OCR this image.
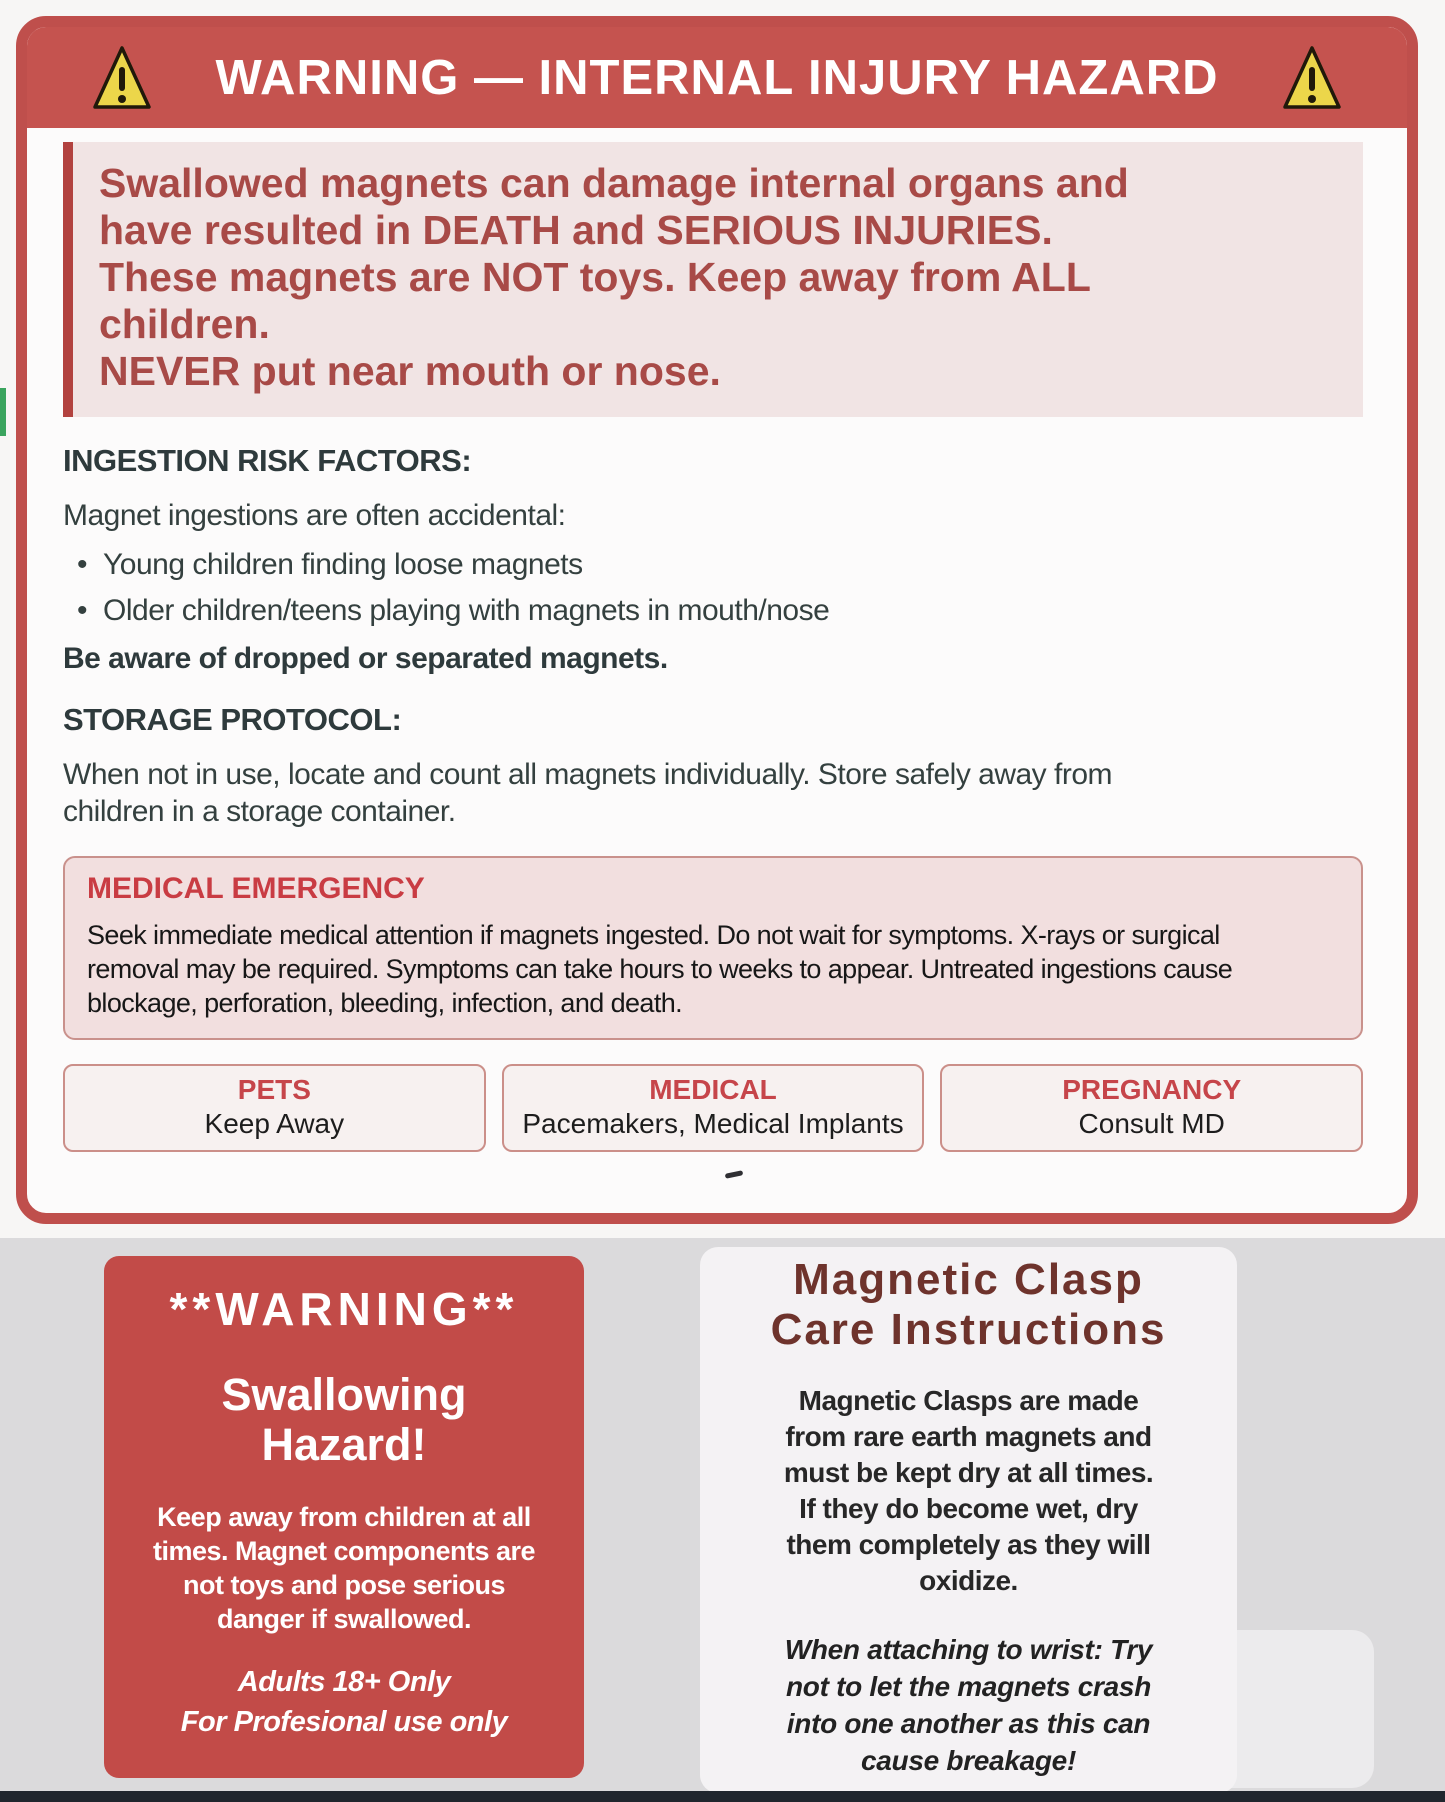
WARNING — INTERNAL INJURY HAZARD

Swallowed magnets can damage internal organs and

have resulted in DEATH and SERIOUS INJURIES.

These magnets are NOT toys. Keep away from ALL

children.

NEVER put near mouth or nose.

INGESTION RISK FACTORS:
Magnet ingestions are often accidental:
• Young children finding loose magnets
• Older children/teens playing with magnets in mouth/nose
Be aware of dropped or separated magnets.
STORAGE PROTOCOL:
When not in use, locate and count all magnets individually. Store safely away from
children in a storage container.
MEDICAL EMERGENCY
Seek immediate medical attention if magnets ingested. Do not wait for symptoms. X-rays or surgical
removal may be required. Symptoms can take hours to weeks to appear. Untreated ingestions cause
blockage, perforation, bleeding, infection, and death.
PETS
Keep Away
MEDICAL
Pacemakers, Medical Implants
PREGNANCY
Consult MD
**WARNING**
Swallowing
Hazard!
Keep away from children at all
times. Magnet components are
not toys and pose serious
danger if swallowed.
Adults 18+ Only
For Profesional use only
Magnetic Clasp
Care Instructions
Magnetic Clasps are made
from rare earth magnets and
must be kept dry at all times.
If they do become wet, dry
them completely as they will
oxidize.
When attaching to wrist: Try
not to let the magnets crash
into one another as this can
cause breakage!
